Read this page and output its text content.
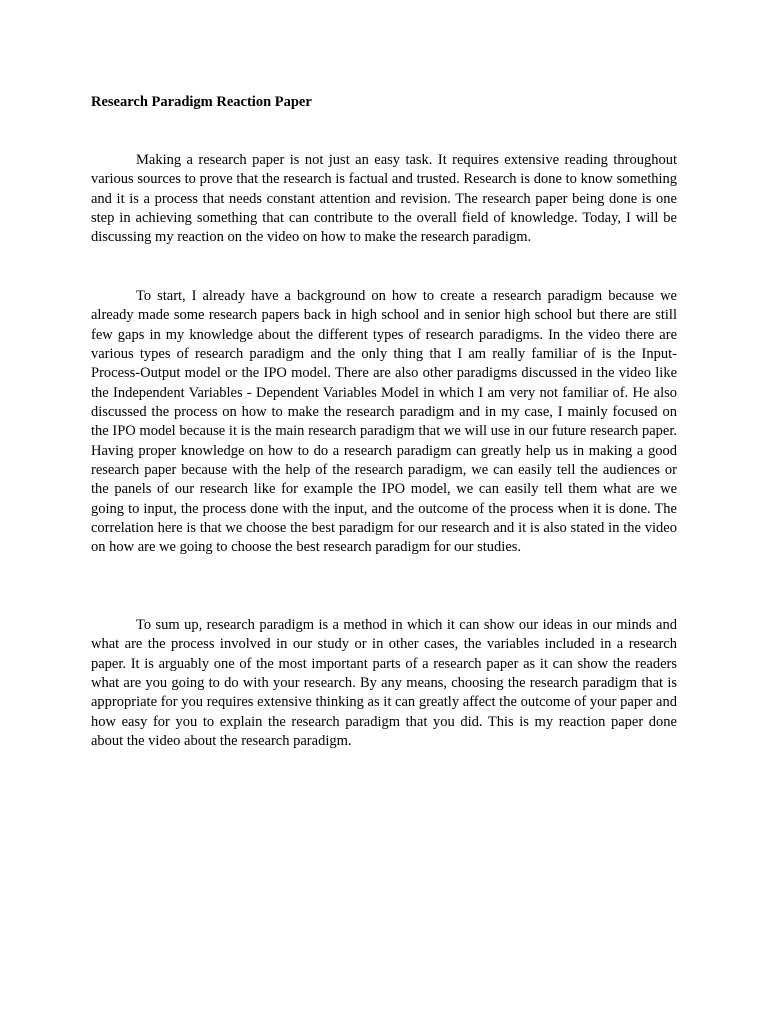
Research Paradigm Reaction Paper

Making a research paper is not just an easy task. It requires extensive reading throughout various sources to prove that the research is factual and trusted. Research is done to know something and it is a process that needs constant attention and revision. The research paper being done is one step in achieving something that can contribute to the overall field of knowledge. Today, I will be discussing my reaction on the video on how to make the research paradigm.

To start, I already have a background on how to create a research paradigm because we already made some research papers back in high school and in senior high school but there are still few gaps in my knowledge about the different types of research paradigms. In the video there are various types of research paradigm and the only thing that I am really familiar of is the Input-Process-Output model or the IPO model. There are also other paradigms discussed in the video like the Independent Variables - Dependent Variables Model in which I am very not familiar of. He also discussed the process on how to make the research paradigm and in my case, I mainly focused on the IPO model because it is the main research paradigm that we will use in our future research paper. Having proper knowledge on how to do a research paradigm can greatly help us in making a good research paper because with the help of the research paradigm, we can easily tell the audiences or the panels of our research like for example the IPO model, we can easily tell them what are we going to input, the process done with the input, and the outcome of the process when it is done. The correlation here is that we choose the best paradigm for our research and it is also stated in the video on how are we going to choose the best research paradigm for our studies.

To sum up, research paradigm is a method in which it can show our ideas in our minds and what are the process involved in our study or in other cases, the variables included in a research paper. It is arguably one of the most important parts of a research paper as it can show the readers what are you going to do with your research. By any means, choosing the research paradigm that is appropriate for you requires extensive thinking as it can greatly affect the outcome of your paper and how easy for you to explain the research paradigm that you did. This is my reaction paper done about the video about the research paradigm.
